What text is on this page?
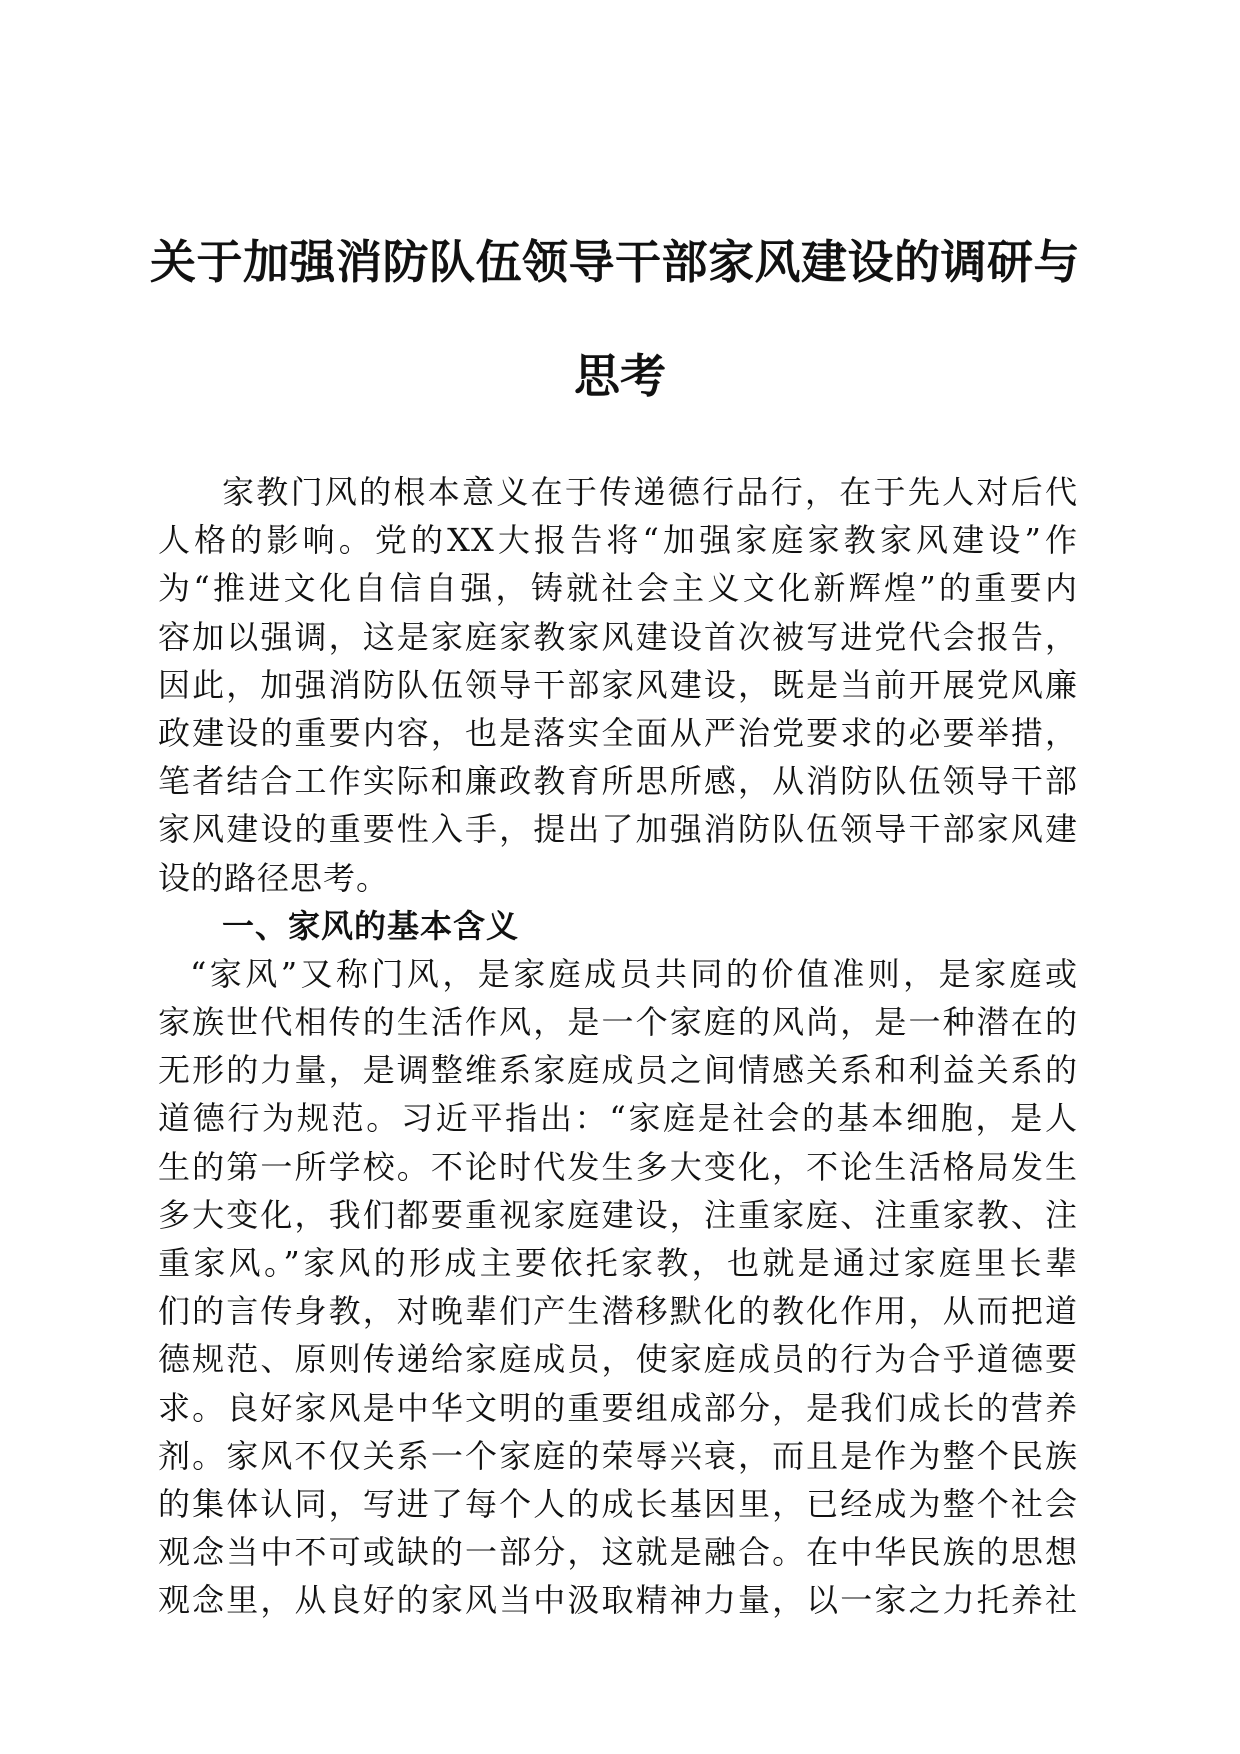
关于加强消防队伍领导干部家风建设的调研与
思考
家教门风的根本意义在于传递德行品行，在于先人对后代
人格的影响。党的XX大报告将“加强家庭家教家风建设”作
为“推进文化自信自强，铸就社会主义文化新辉煌”的重要内
容加以强调，这是家庭家教家风建设首次被写进党代会报告，
因此，加强消防队伍领导干部家风建设，既是当前开展党风廉
政建设的重要内容，也是落实全面从严治党要求的必要举措，
笔者结合工作实际和廉政教育所思所感，从消防队伍领导干部
家风建设的重要性入手，提出了加强消防队伍领导干部家风建
设的路径思考。
一、家风的基本含义
“家风”又称门风，是家庭成员共同的价值准则，是家庭或
家族世代相传的生活作风，是一个家庭的风尚，是一种潜在的
无形的力量，是调整维系家庭成员之间情感关系和利益关系的
道德行为规范。习近平指出：“家庭是社会的基本细胞，是人
生的第一所学校。不论时代发生多大变化，不论生活格局发生
多大变化，我们都要重视家庭建设，注重家庭、注重家教、注
重家风。”家风的形成主要依托家教，也就是通过家庭里长辈
们的言传身教，对晚辈们产生潜移默化的教化作用，从而把道
德规范、原则传递给家庭成员，使家庭成员的行为合乎道德要
求。良好家风是中华文明的重要组成部分，是我们成长的营养
剂。家风不仅关系一个家庭的荣辱兴衰，而且是作为整个民族
的集体认同，写进了每个人的成长基因里，已经成为整个社会
观念当中不可或缺的一部分，这就是融合。在中华民族的思想
观念里，从良好的家风当中汲取精神力量，以一家之力托养社
